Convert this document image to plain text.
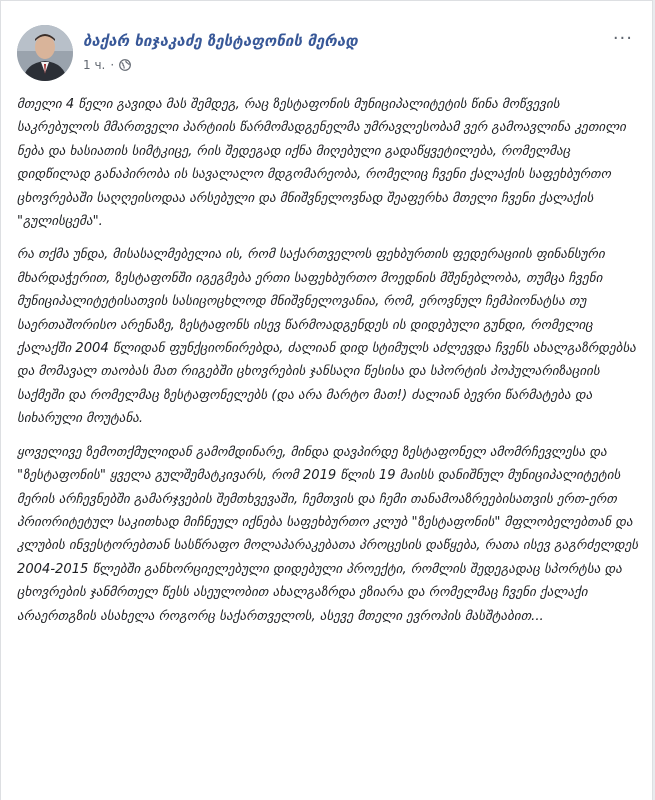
ბაქარ ხიჯაკაძე ზესტაფონის მერად
1 ч. ·
···

მთელი 4 წელი გავიდა მას შემდეგ, რაც ზესტაფონის მუნიციპალიტეტის წინა მოწვევის საკრებულოს მმართველი პარტიის წარმომადგენელმა უმრავლესობამ ვერ გამოავლინა კეთილი ნება და ხასიათის სიმტკიცე, რის შედეგად იქნა მიღებული გადაწყვეტილება, რომელმაც დიდწილად განაპირობა ის სავალალო მდგომარეობა, რომელიც ჩვენი ქალაქის საფეხბურთო ცხოვრებაში საღღეისოდაა არსებული და მნიშვნელოვნად შეაფერხა მთელი ჩვენი ქალაქის "გულისცემა".

რა თქმა უნდა, მისასალმებელია ის, რომ საქართველოს ფეხბურთის ფედერაციის ფინანსური მხარდაჭერით, ზესტაფონში იგეგმება ერთი საფეხბურთო მოედნის მშენებლობა, თუმცა ჩვენი მუნიციპალიტეტისათვის სასიცოცხლოდ მნიშვნელოვანია, რომ, ეროვნულ ჩემპიონატსა თუ საერთაშორისო არენაზე, ზესტაფონს ისევ წარმოადგენდეს ის დიდებული გუნდი, რომელიც ქალაქში 2004 წლიდან ფუნქციონირებდა, ძალიან დიდ სტიმულს აძლევდა ჩვენს ახალგაზრდებსა და მომავალ თაობას მათ რიგებში ცხოვრების ჯანსაღი წესისა და სპორტის პოპულარიზაციის საქმეში და რომელმაც ზესტაფონელებს (და არა მარტო მათ!) ძალიან ბევრი წარმატება და სიხარული მოუტანა.

ყოველივე ზემოთქმულიდან გამომდინარე, მინდა დავპირდე ზესტაფონელ ამომრჩევლესა და "ზესტაფონის" ყველა გულშემატკივარს, რომ 2019 წლის 19 მაისს დანიშნულ მუნიციპალიტეტის მერის არჩევნებში გამარჯვების შემთხვევაში, ჩემთვის და ჩემი თანამოაზრეებისათვის ერთ-ერთ პრიორიტეტულ საკითხად მიჩნეულ იქნება საფეხბურთო კლუბ "ზესტაფონის" მფლობელებთან და კლუბის ინვესტორებთან სასწრაფო მოლაპარაკებათა პროცესის დაწყება, რათა ისევ გაგრძელდეს 2004-2015 წლებში განხორციელებული დიდებული პროექტი, რომლის შედეგადაც სპორტსა და ცხოვრების ჯანმრთელ წესს ასეულობით ახალგაზრდა ეზიარა და რომელმაც ჩვენი ქალაქი არაერთგზის ასახელა როგორც საქართველოს, ასევე მთელი ევროპის მასშტაბით...
